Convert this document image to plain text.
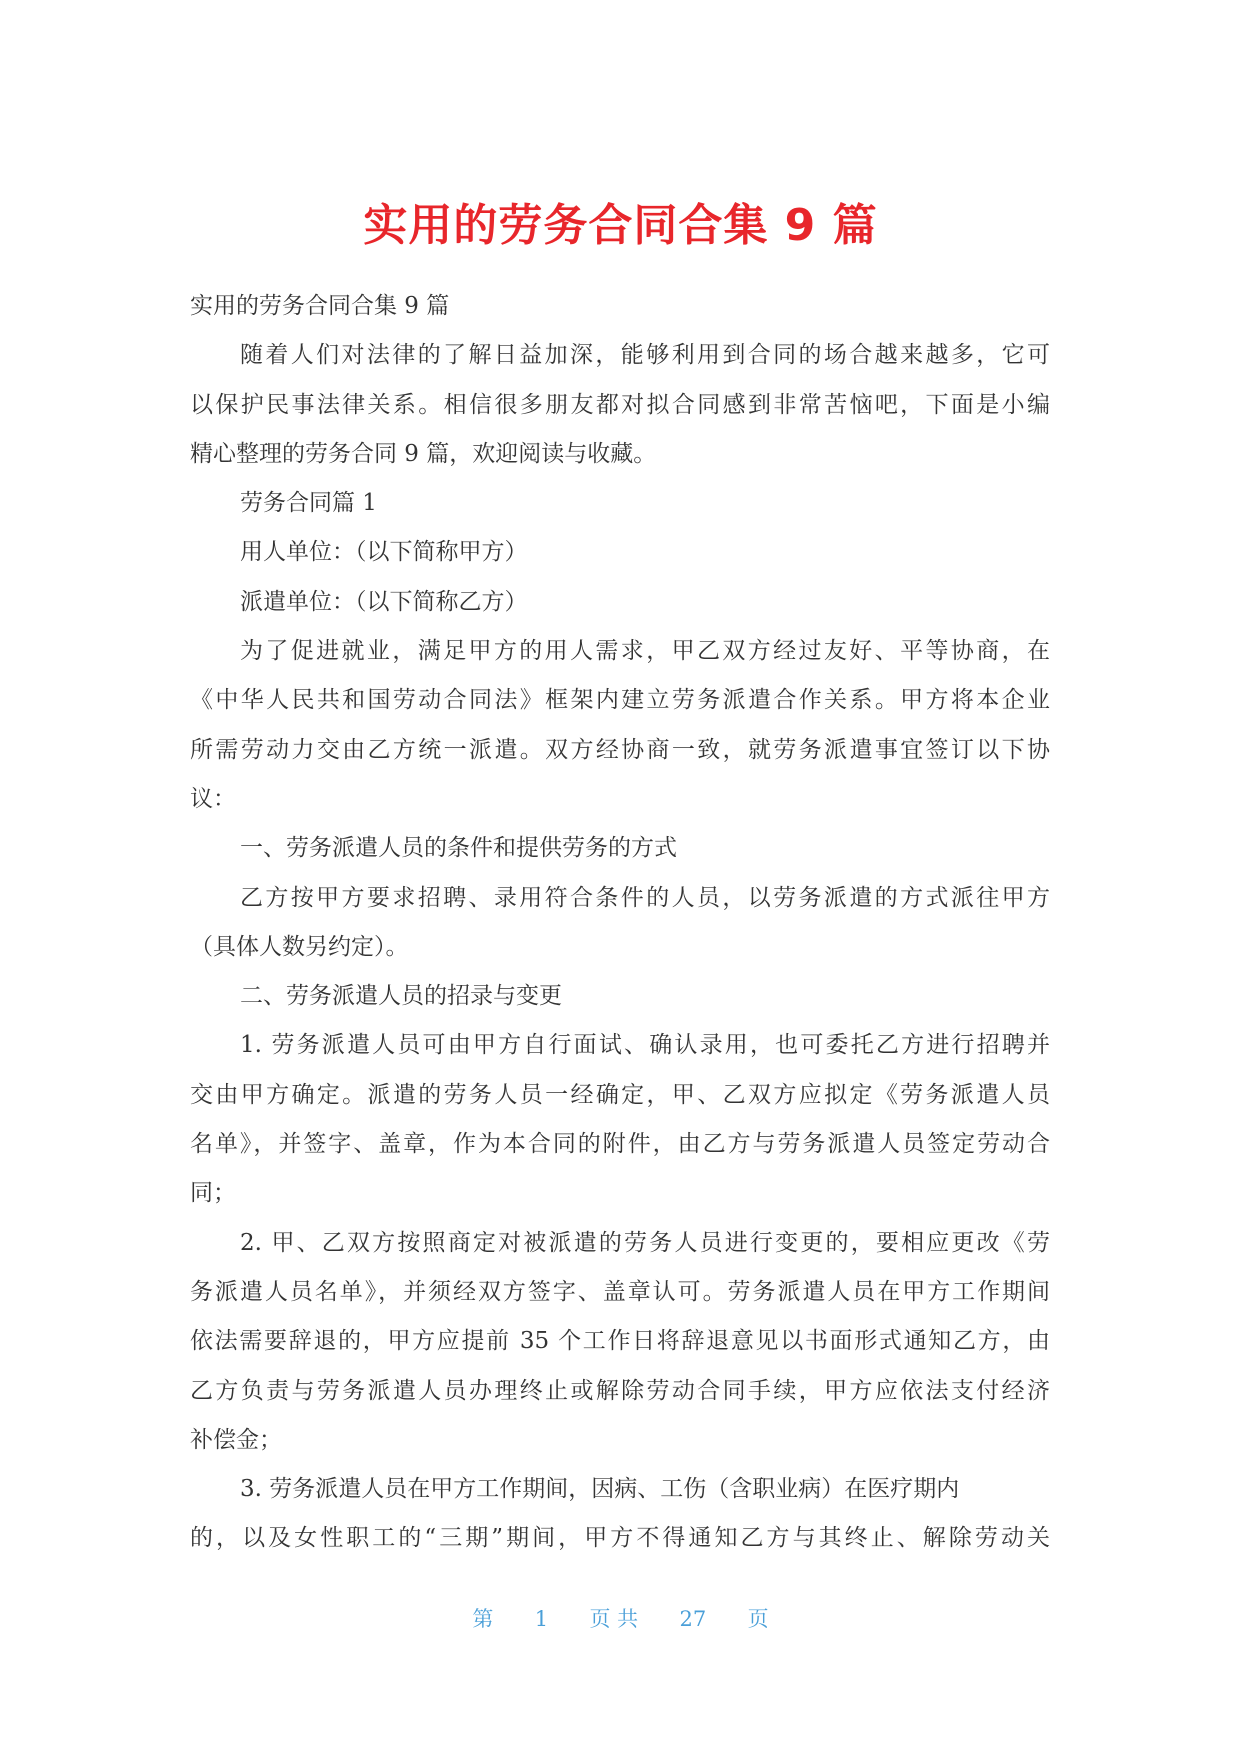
实用的劳务合同合集 9 篇
实用的劳务合同合集 9 篇
随着人们对法律的了解日益加深，能够利用到合同的场合越来越多，它可
以保护民事法律关系。相信很多朋友都对拟合同感到非常苦恼吧，下面是小编
精心整理的劳务合同 9 篇，欢迎阅读与收藏。
劳务合同篇 1
用人单位：（以下简称甲方）
派遣单位：（以下简称乙方）
为了促进就业，满足甲方的用人需求，甲乙双方经过友好、平等协商，在
《中华人民共和国劳动合同法》框架内建立劳务派遣合作关系。甲方将本企业
所需劳动力交由乙方统一派遣。双方经协商一致，就劳务派遣事宜签订以下协
议：
一、劳务派遣人员的条件和提供劳务的方式
乙方按甲方要求招聘、录用符合条件的人员，以劳务派遣的方式派往甲方
（具体人数另约定）。
二、劳务派遣人员的招录与变更
1. 劳务派遣人员可由甲方自行面试、确认录用，也可委托乙方进行招聘并
交由甲方确定。派遣的劳务人员一经确定，甲、乙双方应拟定《劳务派遣人员
名单》，并签字、盖章，作为本合同的附件，由乙方与劳务派遣人员签定劳动合
同；
2. 甲、乙双方按照商定对被派遣的劳务人员进行变更的，要相应更改《劳
务派遣人员名单》，并须经双方签字、盖章认可。劳务派遣人员在甲方工作期间
依法需要辞退的，甲方应提前 35 个工作日将辞退意见以书面形式通知乙方，由
乙方负责与劳务派遣人员办理终止或解除劳动合同手续，甲方应依法支付经济
补偿金；
3. 劳务派遣人员在甲方工作期间，因病、工伤（含职业病）在医疗期内
的，以及女性职工的“三期”期间，甲方不得通知乙方与其终止、解除劳动关
第 1 页 共 27 页
